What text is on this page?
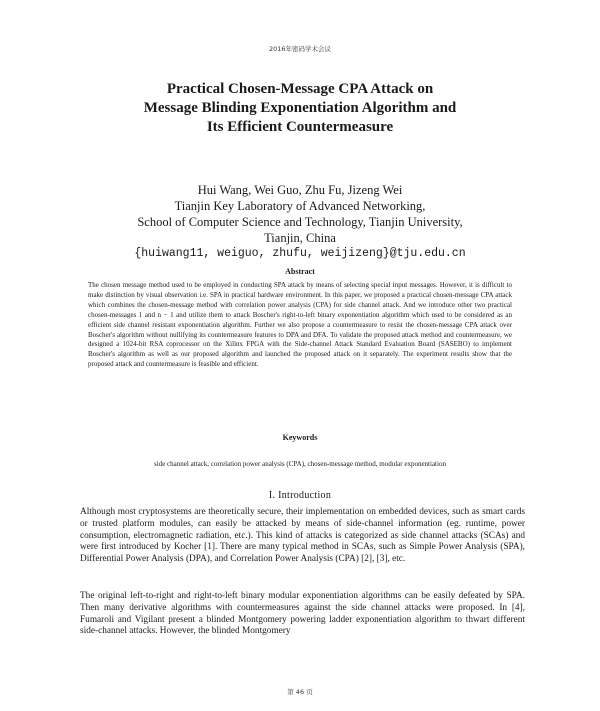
2016年密码学术会议
Practical Chosen-Message CPA Attack on
Message Blinding Exponentiation Algorithm and
Its Efficient Countermeasure
Hui Wang, Wei Guo, Zhu Fu, Jizeng Wei
Tianjin Key Laboratory of Advanced Networking,
School of Computer Science and Technology, Tianjin University,
Tianjin, China
{huiwang11, weiguo, zhufu, weijizeng}@tju.edu.cn
Abstract

The chosen message method used to be employed in conducting SPA attack by means of selecting special input messages. However, it is difficult to make distinction by visual observation i.e. SPA in practical hardware environment. In this paper, we proposed a practical chosen-message CPA attack which combines the chosen-message method with correlation power analysis (CPA) for side channel attack. And we introduce other two practical chosen-messages 1 and n − 1 and utilize them to attack Boscher's right-to-left binary exponentiation algorithm which used to be considered as an efficient side channel resistant exponentiation algorithm. Further we also propose a countermeasure to resist the chosen-message CPA attack over Boscher's algorithm without nullifying its countermeasure features to DPA and DFA. To validate the proposed attack method and countermeasure, we designed a 1024-bit RSA coprocessor on the Xilinx FPGA with the Side-channel Attack Standard Evaluation Board (SASEBO) to implement Boscher's algorithm as well as our proposed algorithm and launched the proposed attack on it separately. The experiment results show that the proposed attack and countermeasure is feasible and efficient.

Keywords
side channel attack, correlation power analysis (CPA), chosen-message method, modular exponentiation
I. Introduction

Although most cryptosystems are theoretically secure, their implementation on embedded devices, such as smart cards or trusted platform modules, can easily be attacked by means of side-channel information (eg. runtime, power consumption, electromagnetic radiation, etc.). This kind of attacks is categorized as side channel attacks (SCAs) and were first introduced by Kocher [1]. There are many typical method in SCAs, such as Simple Power Analysis (SPA), Differential Power Analysis (DPA), and Correlation Power Analysis (CPA) [2], [3], etc.

The original left-to-right and right-to-left binary modular exponentiation algorithms can be easily defeated by SPA. Then many derivative algorithms with countermeasures against the side channel attacks were proposed. In [4], Fumaroli and Vigilant present a blinded Montgomery powering ladder exponentiation algorithm to thwart different side-channel attacks. However, the blinded Montgomery

第 46 页
